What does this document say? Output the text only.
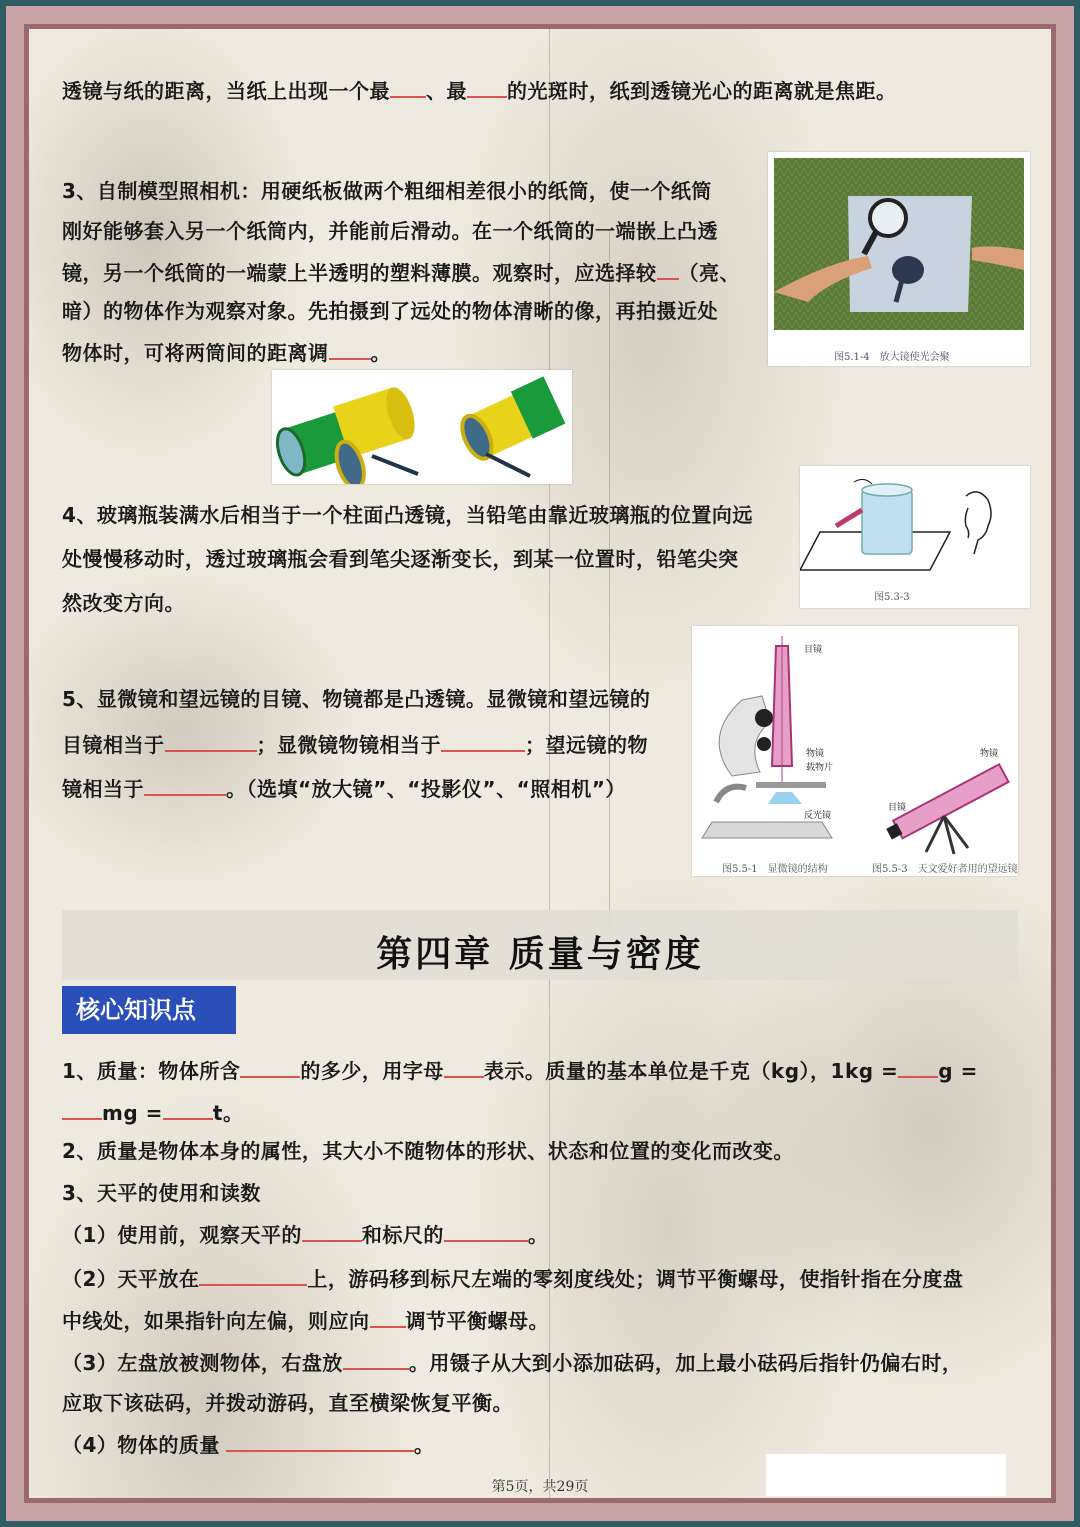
透镜与纸的距离，当纸上出现一个最 、最 的光斑时，纸到透镜光心的距离就是焦距。
3、自制模型照相机：用硬纸板做两个粗细相差很小的纸筒，使一个纸筒
刚好能够套入另一个纸筒内，并能前后滑动。在一个纸筒的一端嵌上凸透
镜，另一个纸筒的一端蒙上半透明的塑料薄膜。观察时，应选择较 （亮、
暗）的物体作为观察对象。先拍摄到了远处的物体清晰的像，再拍摄近处
物体时，可将两筒间的距离调 。	图5.1-4　放大镜使光会聚
4、玻璃瓶装满水后相当于一个柱面凸透镜，当铅笔由靠近玻璃瓶的位置向远
处慢慢移动时，透过玻璃瓶会看到笔尖逐渐变长，到某一位置时，铅笔尖突
然改变方向。	图5.3-3
5、显微镜和望远镜的目镜、物镜都是凸透镜。显微镜和望远镜的
目镜相当于	；显微镜物镜相当于	；望远镜的物
镜相当于	。（选填“放大镜”、“投影仪”、“照相机”）
目镜
物镜
载物片
反光镜
物镜
目镜
图5.5-1　显微镜的结构	图5.5-3　天文爱好者用的望远镜
第四章 质量与密度
核心知识点
1、质量：物体所含	的多少，用字母 表示。质量的基本单位是千克（kg），1kg = g =
mg =	t。
2、质量是物体本身的属性，其大小不随物体的形状、状态和位置的变化而改变。
3、天平的使用和读数
（1）使用前，观察天平的	和标尺的	。
（2）天平放在	上，游码移到标尺左端的零刻度线处；调节平衡螺母，使指针指在分度盘
中线处，如果指针向左偏，则应向 调节平衡螺母。
（3）左盘放被测物体，右盘放	。用镊子从大到小添加砝码，加上最小砝码后指针仍偏右时，
应取下该砝码，并拨动游码，直至横梁恢复平衡。
（4）物体的质量	。
第5页，共29页
